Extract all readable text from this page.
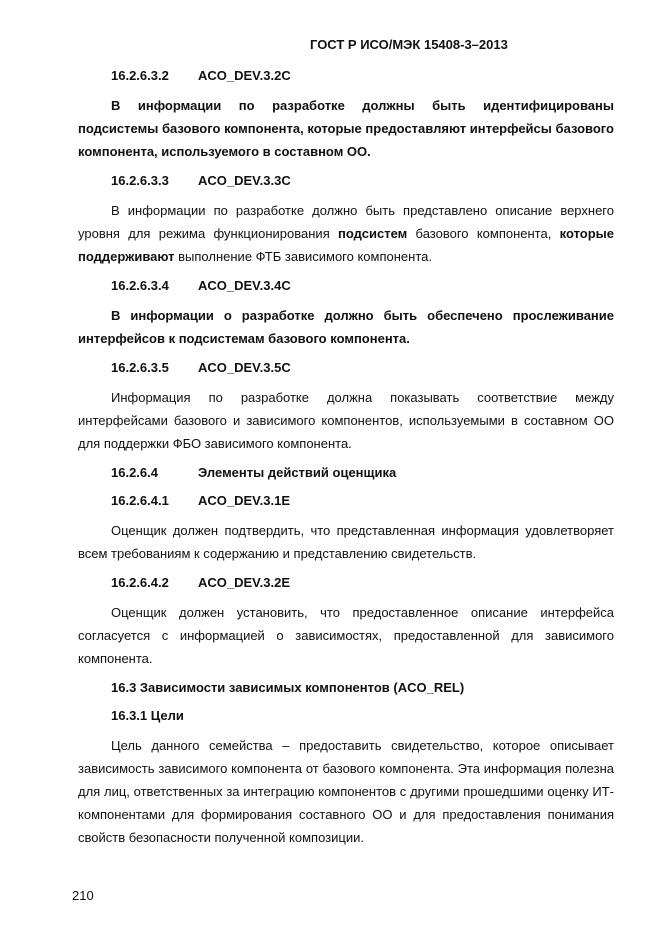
ГОСТ Р ИСО/МЭК 15408-3–2013
16.2.6.3.2 ACO_DEV.3.2C

В информации по разработке должны быть идентифицированы подсистемы базового компонента, которые предоставляют интерфейсы базового компонента, используемого в составном ОО.

16.2.6.3.3 ACO_DEV.3.3C

В информации по разработке должно быть представлено описание верхнего уровня для режима функционирования подсистем базового компонента, которые поддерживают выполнение ФТБ зависимого компонента.

16.2.6.3.4 ACO_DEV.3.4C

В информации о разработке должно быть обеспечено прослеживание интерфейсов к подсистемам базового компонента.

16.2.6.3.5 ACO_DEV.3.5C

Информация по разработке должна показывать соответствие между интерфейсами базового и зависимого компонентов, используемыми в составном ОО для поддержки ФБО зависимого компонента.

16.2.6.4	Элементы действий оценщика
16.2.6.4.1 ACO_DEV.3.1E

Оценщик должен подтвердить, что представленная информация удовлетворяет всем требованиям к содержанию и представлению свидетельств.

16.2.6.4.2 ACO_DEV.3.2E

Оценщик должен установить, что предоставленное описание интерфейса согласуется с информацией о зависимостях, предоставленной для зависимого компонента.

16.3 Зависимости зависимых компонентов (ACO_REL)
16.3.1 Цели

Цель данного семейства – предоставить свидетельство, которое описывает зависимость зависимого компонента от базового компонента. Эта информация полезна для лиц, ответственных за интеграцию компонентов с другими прошедшими оценку ИТ-компонентами для формирования составного ОО и для предоставления понимания свойств безопасности полученной композиции.

210
